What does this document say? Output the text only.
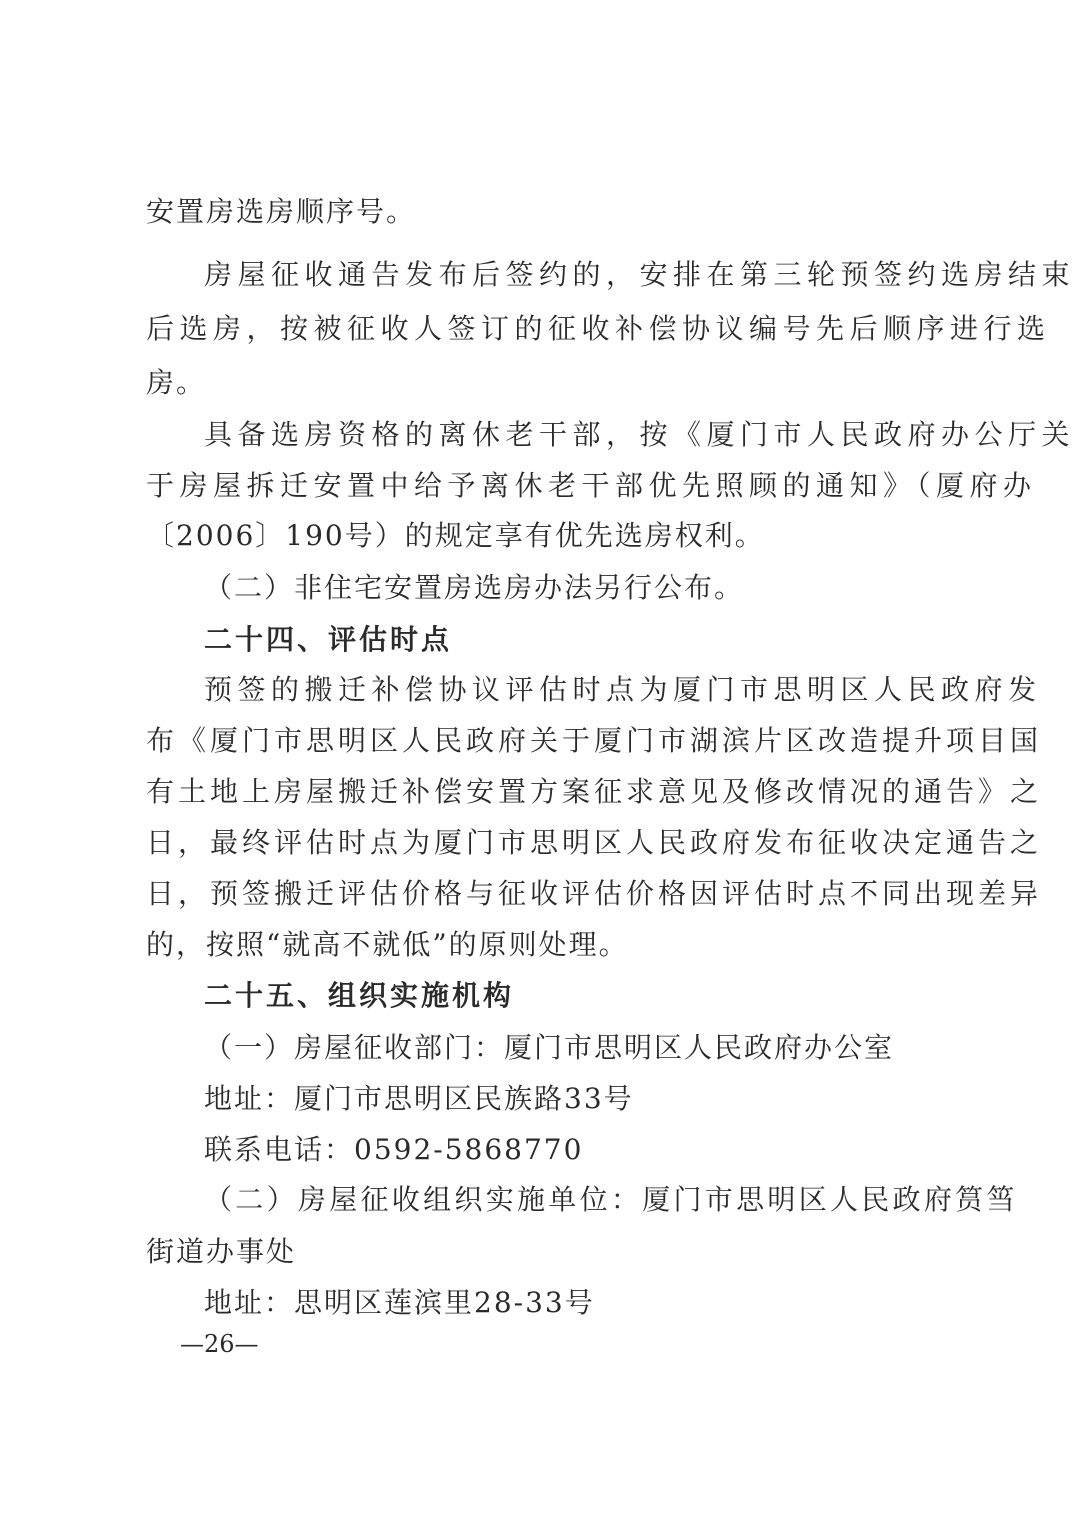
安置房选房顺序号。
房屋征收通告发布后签约的，安排在第三轮预签约选房结束
后选房，按被征收人签订的征收补偿协议编号先后顺序进行选
房。
具备选房资格的离休老干部，按《厦门市人民政府办公厅关
于房屋拆迁安置中给予离休老干部优先照顾的通知》（厦府办
〔2006〕190号）的规定享有优先选房权利。
（二）非住宅安置房选房办法另行公布。
二十四、评估时点
预签的搬迁补偿协议评估时点为厦门市思明区人民政府发
布《厦门市思明区人民政府关于厦门市湖滨片区改造提升项目国
有土地上房屋搬迁补偿安置方案征求意见及修改情况的通告》之
日，最终评估时点为厦门市思明区人民政府发布征收决定通告之
日，预签搬迁评估价格与征收评估价格因评估时点不同出现差异
的，按照“就高不就低”的原则处理。
二十五、组织实施机构
（一）房屋征收部门：厦门市思明区人民政府办公室
地址：厦门市思明区民族路33号
联系电话：0592-5868770
（二）房屋征收组织实施单位：厦门市思明区人民政府筼筜
街道办事处
地址：思明区莲滨里28-33号
—26—
